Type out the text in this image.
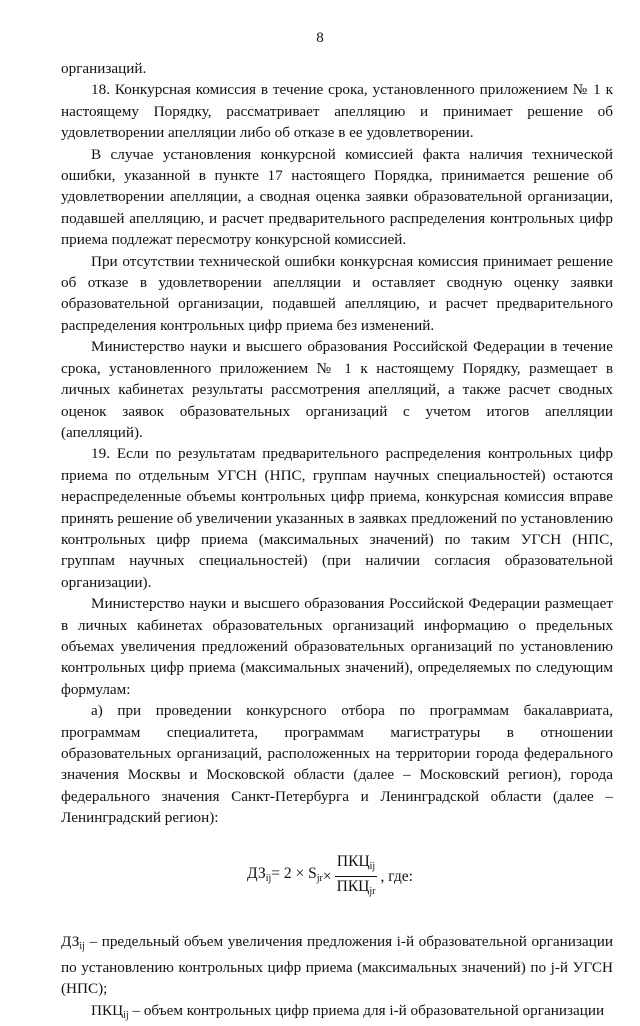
8

организаций.

18. Конкурсная комиссия в течение срока, установленного приложением № 1 к настоящему Порядку, рассматривает апелляцию и принимает решение об удовлетворении апелляции либо об отказе в ее удовлетворении.

В случае установления конкурсной комиссией факта наличия технической ошибки, указанной в пункте 17 настоящего Порядка, принимается решение об удовлетворении апелляции, а сводная оценка заявки образовательной организации, подавшей апелляцию, и расчет предварительного распределения контрольных цифр приема подлежат пересмотру конкурсной комиссией.

При отсутствии технической ошибки конкурсная комиссия принимает решение об отказе в удовлетворении апелляции и оставляет сводную оценку заявки образовательной организации, подавшей апелляцию, и расчет предварительного распределения контрольных цифр приема без изменений.

Министерство науки и высшего образования Российской Федерации в течение срока, установленного приложением № 1 к настоящему Порядку, размещает в личных кабинетах результаты рассмотрения апелляций, а также расчет сводных оценок заявок образовательных организаций с учетом итогов апелляции (апелляций).

19. Если по результатам предварительного распределения контрольных цифр приема по отдельным УГСН (НПС, группам научных специальностей) остаются нераспределенные объемы контрольных цифр приема, конкурсная комиссия вправе принять решение об увеличении указанных в заявках предложений по установлению контрольных цифр приема (максимальных значений) по таким УГСН (НПС, группам научных специальностей) (при наличии согласия образовательной организации).

Министерство науки и высшего образования Российской Федерации размещает в личных кабинетах образовательных организаций информацию о предельных объемах увеличения предложений образовательных организаций по установлению контрольных цифр приема (максимальных значений), определяемых по следующим формулам:

а) при проведении конкурсного отбора по программам бакалавриата, программам специалитета, программам магистратуры в отношении образовательных организаций, расположенных на территории города федерального значения Москвы и Московской области (далее – Московский регион), города федерального значения Санкт-Петербурга и Ленинградской области (далее – Ленинградский регион):

$ДЗ_{ij} = 2 \times S_{jr} \times \frac{ПКЦ_{ij}}{ПКЦ_{jr}}$ , где:

$ДЗ_{ij}$ – предельный объем увеличения предложения i-й образовательной организации по установлению контрольных цифр приема (максимальных значений) по j-й УГСН (НПС);

$ПКЦ_{ij}$ – объем контрольных цифр приема для i-й образовательной организации
